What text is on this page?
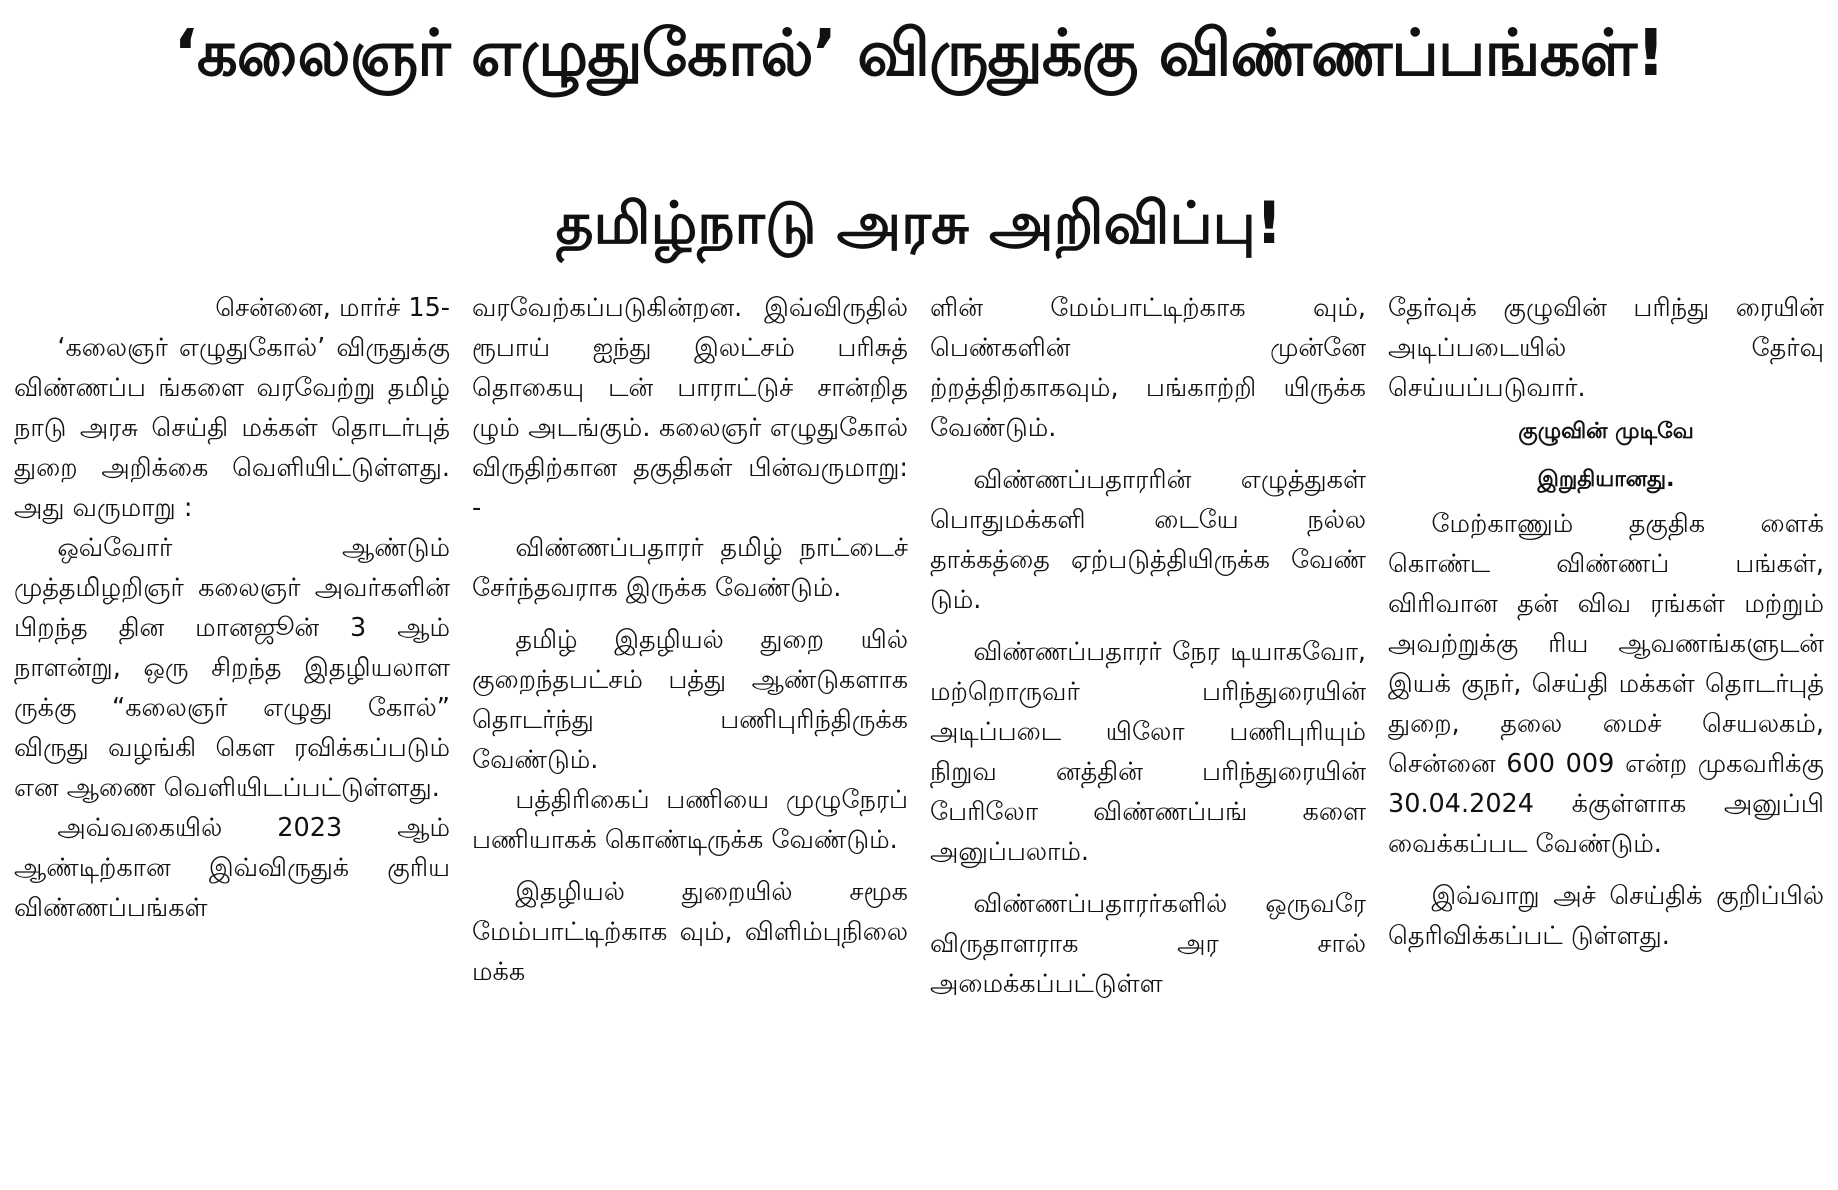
‘கலைஞர் எழுதுகோல்’ விருதுக்கு விண்ணப்பங்கள்!
தமிழ்நாடு அரசு அறிவிப்பு!

சென்னை, மார்ச் 15-

‘கலைஞர் எழுதுகோல்’ விருதுக்கு விண்ணப்ப ங்களை வரவேற்று தமிழ் நாடு அரசு செய்தி மக்கள் தொடர்புத் துறை அறிக்கை வெளியிட்டுள்ளது. அது வருமாறு :

ஒவ்வோர் ஆண்டும் முத்தமிழறிஞர் கலைஞர் அவர்களின் பிறந்த தின மானஜூன் 3 ஆம் நாளன்று, ஒரு சிறந்த இதழியலாள ருக்கு “கலைஞர் எழுது கோல்” விருது வழங்கி கெள ரவிக்கப்படும் என ஆணை வெளியிடப்பட்டுள்ளது.

அவ்வகையில் 2023 ஆம் ஆண்டிற்கான இவ்விருதுக் குரிய விண்ணப்பங்கள்

வரவேற்கப்படுகின்றன. இவ்விருதில் ரூபாய் ஐந்து இலட்சம் பரிசுத் தொகையு டன் பாராட்டுச் சான்றித ழும் அடங்கும். கலைஞர் எழுதுகோல் விருதிற்கான தகுதிகள் பின்வருமாறு: -

விண்ணப்பதாரர் தமிழ் நாட்டைச் சேர்ந்தவராக இருக்க வேண்டும்.

தமிழ் இதழியல் துறை யில் குறைந்தபட்சம் பத்து ஆண்டுகளாக தொடர்ந்து பணிபுரிந்திருக்க வேண்டும்.

பத்திரிகைப் பணியை முழுநேரப் பணியாகக் கொண்டிருக்க வேண்டும்.

இதழியல் துறையில் சமூக மேம்பாட்டிற்காக வும், விளிம்புநிலை மக்க

ளின் மேம்பாட்டிற்காக வும், பெண்களின் முன்னே ற்றத்திற்காகவும், பங்காற்றி யிருக்க வேண்டும்.

விண்ணப்பதாரரின் எழுத்துகள் பொதுமக்களி டையே நல்ல தாக்கத்தை ஏற்படுத்தியிருக்க வேண் டும்.

விண்ணப்பதாரர் நேர டியாகவோ, மற்றொருவர் பரிந்துரையின் அடிப்படை யிலோ பணிபுரியும் நிறுவ னத்தின் பரிந்துரையின் பேரிலோ விண்ணப்பங் களை அனுப்பலாம்.

விண்ணப்பதாரர்களில் ஒருவரே விருதாளராக அர சால் அமைக்கப்பட்டுள்ள

தேர்வுக் குழுவின் பரிந்து ரையின் அடிப்படையில் தேர்வு செய்யப்படுவார்.

குழுவின் முடிவே

இறுதியானது.

மேற்காணும் தகுதிக ளைக் கொண்ட விண்ணப் பங்கள், விரிவான தன் விவ ரங்கள் மற்றும் அவற்றுக்கு ரிய ஆவணங்களுடன் இயக் குநர், செய்தி மக்கள் தொடர்புத் துறை, தலை மைச் செயலகம், சென்னை 600 009 என்ற முகவரிக்கு 30.04.2024 க்குள்ளாக அனுப்பி வைக்கப்பட வேண்டும்.

இவ்வாறு அச் செய்திக் குறிப்பில் தெரிவிக்கப்பட் டுள்ளது.
